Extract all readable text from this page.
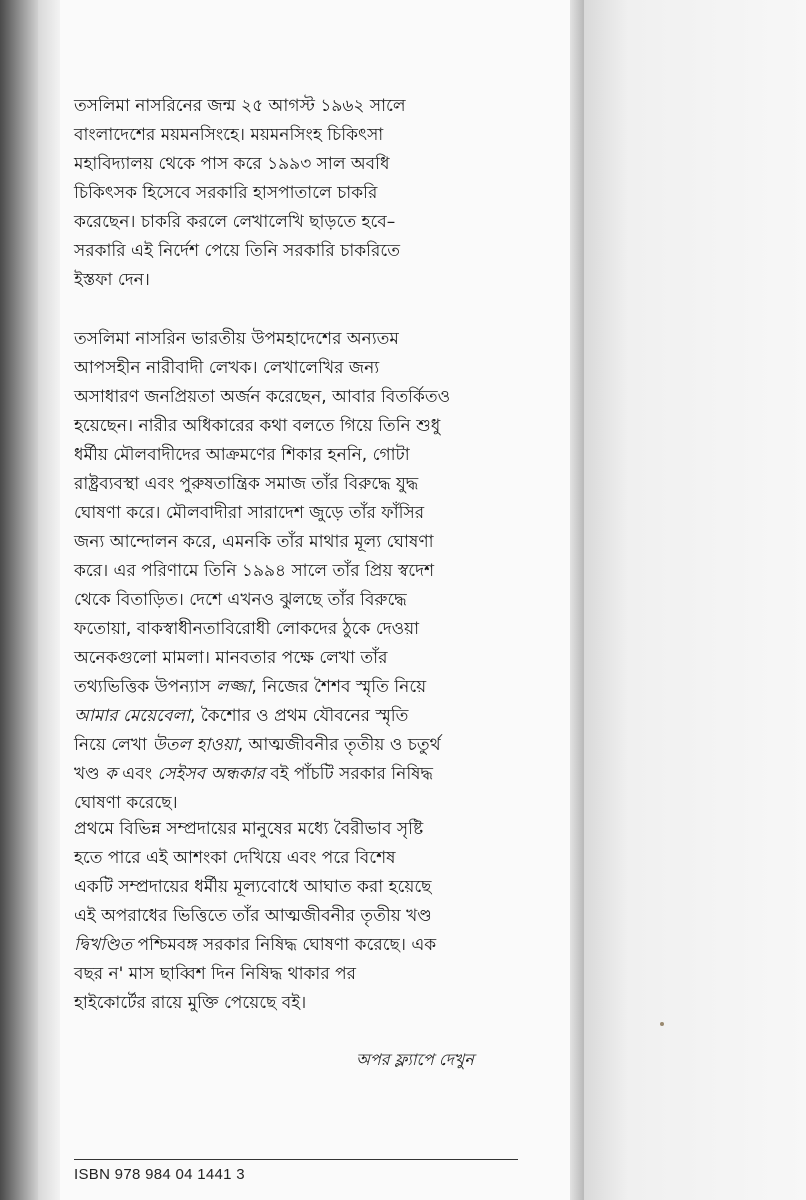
তসলিমা নাসরিনের জন্ম ২৫ আগস্ট ১৯৬২ সালে
বাংলাদেশের ময়মনসিংহে। ময়মনসিংহ চিকিৎসা
মহাবিদ্যালয় থেকে পাস করে ১৯৯৩ সাল অবধি
চিকিৎসক হিসেবে সরকারি হাসপাতালে চাকরি
করেছেন। চাকরি করলে লেখালেখি ছাড়তে হবে–
সরকারি এই নির্দেশ পেয়ে তিনি সরকারি চাকরিতে
ইস্তফা দেন।

তসলিমা নাসরিন ভারতীয় উপমহাদেশের অন্যতম
আপসহীন নারীবাদী লেখক। লেখালেখির জন্য
অসাধারণ জনপ্রিয়তা অর্জন করেছেন, আবার বিতর্কিতও
হয়েছেন। নারীর অধিকারের কথা বলতে গিয়ে তিনি শুধু
ধর্মীয় মৌলবাদীদের আক্রমণের শিকার হননি, গোটা
রাষ্ট্রব্যবস্থা এবং পুরুষতান্ত্রিক সমাজ তাঁর বিরুদ্ধে যুদ্ধ
ঘোষণা করে। মৌলবাদীরা সারাদেশ জুড়ে তাঁর ফাঁসির
জন্য আন্দোলন করে, এমনকি তাঁর মাথার মূল্য ঘোষণা
করে। এর পরিণামে তিনি ১৯৯৪ সালে তাঁর প্রিয় স্বদেশ
থেকে বিতাড়িত। দেশে এখনও ঝুলছে তাঁর বিরুদ্ধে
ফতোয়া, বাকস্বাধীনতাবিরোধী লোকদের ঠুকে দেওয়া
অনেকগুলো মামলা। মানবতার পক্ষে লেখা তাঁর
তথ্যভিত্তিক উপন্যাস লজ্জা, নিজের শৈশব স্মৃতি নিয়ে
আমার মেয়েবেলা, কৈশোর ও প্রথম যৌবনের স্মৃতি
নিয়ে লেখা উতল হাওয়া, আত্মজীবনীর তৃতীয় ও চতুর্থ
খণ্ড ক এবং সেইসব অন্ধকার বই পাঁচটি সরকার নিষিদ্ধ
ঘোষণা করেছে।

প্রথমে বিভিন্ন সম্প্রদায়ের মানুষের মধ্যে বৈরীভাব সৃষ্টি
হতে পারে এই আশংকা দেখিয়ে এবং পরে বিশেষ
একটি সম্প্রদায়ের ধর্মীয় মূল্যবোধে আঘাত করা হয়েছে
এই অপরাধের ভিত্তিতে তাঁর আত্মজীবনীর তৃতীয় খণ্ড
দ্বিখণ্ডিত পশ্চিমবঙ্গ সরকার নিষিদ্ধ ঘোষণা করেছে। এক
বছর ন' মাস ছাব্বিশ দিন নিষিদ্ধ থাকার পর
হাইকোর্টের রায়ে মুক্তি পেয়েছে বই।

অপর ফ্ল্যাপে দেখুন
ISBN 978 984 04 1441 3
